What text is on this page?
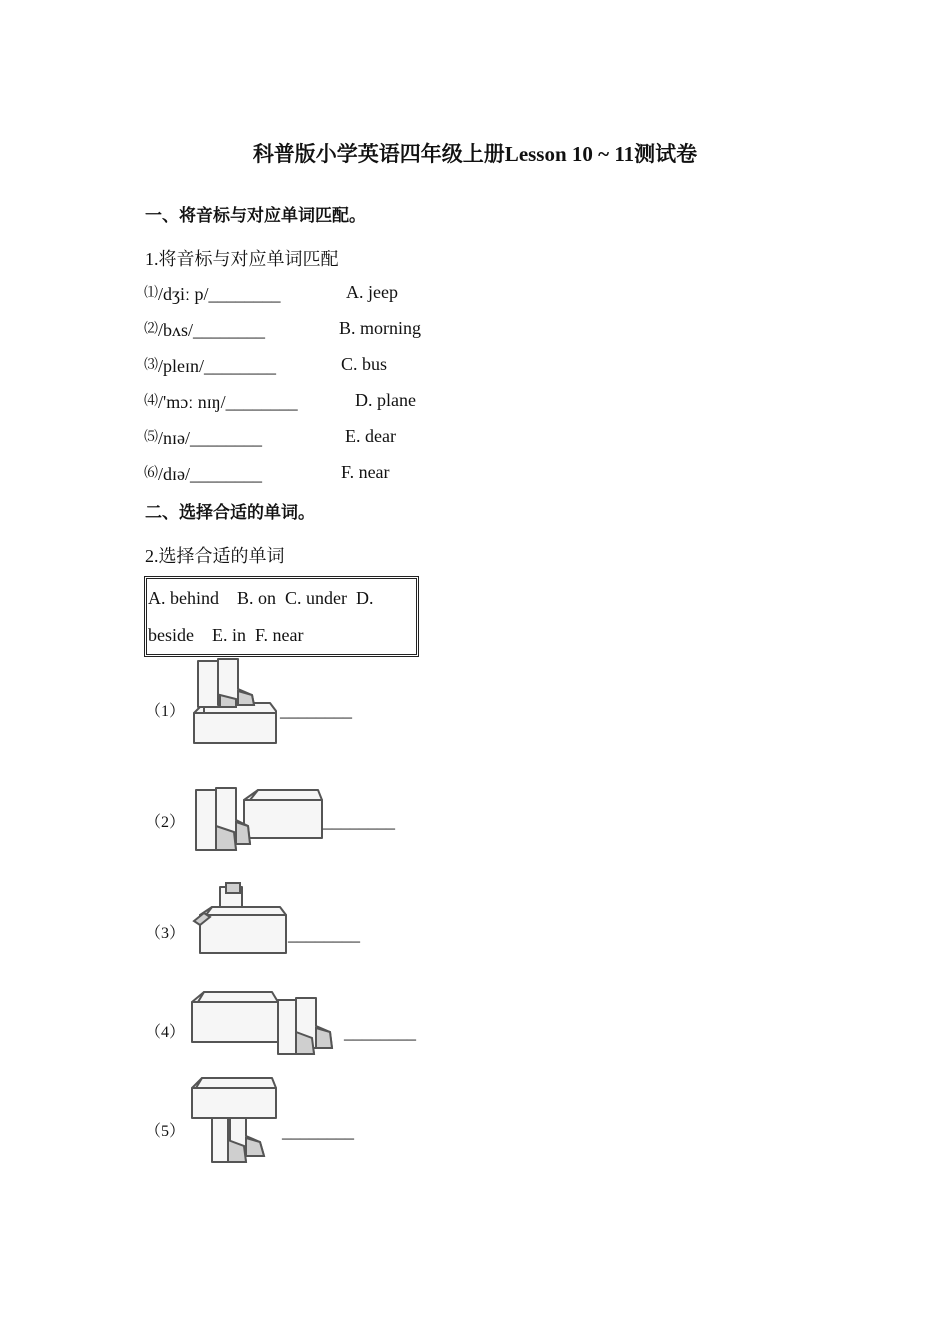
科普版小学英语四年级上册Lesson 10 ~ 11测试卷
一、将音标与对应单词匹配。
1.将音标与对应单词匹配
⑴/dʒiː p/________	A. jeep
⑵/bʌs/________	B. morning
⑶/pleɪn/________	C. bus
⑷/'mɔː nɪŋ/________	D. plane
⑸/nɪə/________	E. dear
⑹/dɪə/________	F. near
二、选择合适的单词。
2.选择合适的单词
A. behind    B. on  C. under  D.
beside    E. in  F. near
（1）	________
（2）	________
（3）	________
（4）	________
（5）	________
